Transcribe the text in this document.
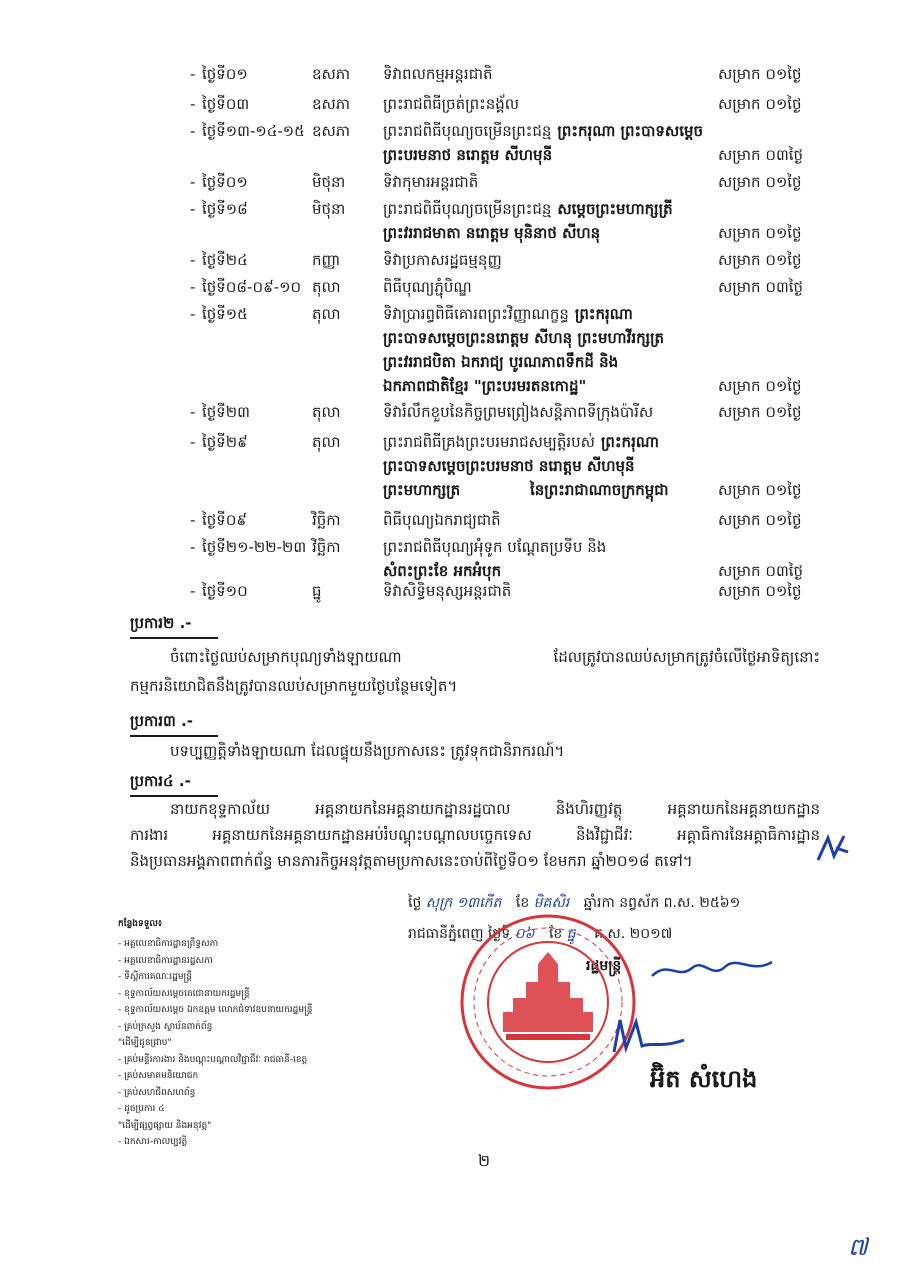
- ថ្ងៃទី០១	ឧសភា ទិវាពលកម្មអន្តរជាតិ	សម្រាក ០១ថ្ងៃ
- ថ្ងៃទី០៣	ឧសភា ព្រះរាជពិធីច្រត់ព្រះនង្គ័ល	សម្រាក ០១ថ្ងៃ
- ថ្ងៃទី១៣-១៤-១៥ ឧសភា ព្រះរាជពិធីបុណ្យចម្រើនព្រះជន្ម ព្រះករុណា ព្រះបាទសម្តេច
ព្រះបរមនាថ នរោត្តម សីហមុនី	សម្រាក ០៣ថ្ងៃ
- ថ្ងៃទី០១	មិថុនា	ទិវាកុមារអន្តរជាតិ	សម្រាក ០១ថ្ងៃ
- ថ្ងៃទី១៨	មិថុនា	ព្រះរាជពិធីបុណ្យចម្រើនព្រះជន្ម សម្តេចព្រះមហាក្សត្រី
ព្រះវររាជមាតា នរោត្តម មុនិនាថ សីហនុ	សម្រាក ០១ថ្ងៃ
- ថ្ងៃទី២៤	កញ្ញា	ទិវាប្រកាសរដ្ឋធម្មនុញ្ញ	សម្រាក ០១ថ្ងៃ
- ថ្ងៃទី០៨-០៩-១០ តុលា	ពិធីបុណ្យភ្ជុំបិណ្ឌ	សម្រាក ០៣ថ្ងៃ
- ថ្ងៃទី១៥	តុលា	ទិវាប្រារព្ធពិធីគោរពព្រះវិញ្ញាណក្ខន្ធ ព្រះករុណា
ព្រះបាទសម្តេចព្រះនរោត្តម សីហនុ ព្រះមហាវីរក្សត្រ
ព្រះវររាជបិតា ឯករាជ្យ បូរណភាពទឹកដី និង
ឯកភាពជាតិខ្មែរ "ព្រះបរមរតនកោដ្ឋ"	សម្រាក ០១ថ្ងៃ
- ថ្ងៃទី២៣	តុលា	ទិវារំលឹកខួបនៃកិច្ចព្រមព្រៀងសន្តិភាពទីក្រុងប៉ារីស	សម្រាក ០១ថ្ងៃ
- ថ្ងៃទី២៩	តុលា	ព្រះរាជពិធីគ្រងព្រះបរមរាជសម្បត្តិរបស់ ព្រះករុណា
ព្រះបាទសម្តេចព្រះបរមនាថ នរោត្តម សីហមុនី
ព្រះមហាក្សត្រ	នៃព្រះរាជាណាចក្រកម្ពុជា	សម្រាក ០១ថ្ងៃ
- ថ្ងៃទី០៩	វិច្ឆិកា	ពិធីបុណ្យឯករាជ្យជាតិ	សម្រាក ០១ថ្ងៃ
- ថ្ងៃទី២១-២២-២៣ វិច្ឆិកា	ព្រះរាជពិធីបុណ្យអុំទូក បណ្តែតប្រទីប និង
សំពះព្រះខែ អកអំបុក	សម្រាក ០៣ថ្ងៃ
- ថ្ងៃទី១០	ធ្នូ	ទិវាសិទ្ធិមនុស្សអន្តរជាតិ	សម្រាក ០១ថ្ងៃ
ប្រការ២ .-
ចំពោះថ្ងៃឈប់សម្រាកបុណ្យទាំងឡាយណា ដែលត្រូវបានឈប់សម្រាកត្រូវចំលើថ្ងៃអាទិត្យនោះ
កម្មករនិយោជិតនឹងត្រូវបានឈប់សម្រាកមួយថ្ងៃបន្ថែមទៀត។
ប្រការ៣ .-
បទប្បញ្ញត្តិទាំងឡាយណា ដែលផ្ទុយនឹងប្រកាសនេះ ត្រូវទុកជានិរាករណ៍។
ប្រការ៤ .-
នាយកខុទ្ទកាល័យ អគ្គនាយកនៃអគ្គនាយកដ្ឋានរដ្ឋបាល និងហិរញ្ញវត្ថុ អគ្គនាយកនៃអគ្គនាយកដ្ឋាន
ការងារ អគ្គនាយកនៃអគ្គនាយកដ្ឋានអប់រំបណ្តុះបណ្តាលបច្ចេកទេស និងវិជ្ជាជីវៈ អគ្គាធិការនៃអគ្គាធិការដ្ឋាន
និងប្រធានអង្គភាពពាក់ព័ន្ធ មានភារកិច្ចអនុវត្តតាមប្រកាសនេះចាប់ពីថ្ងៃទី០១ ខែមករា ឆ្នាំ២០១៨ តទៅ។
ថ្ងៃ សុក្រ ១៣កើត ខែ មិគសិរ ឆ្នាំរកា នព្វស័ក ព.ស. ២៥៦១
រាជធានីភ្នំពេញ ថ្ងៃទី ០៦ ខែ ធ្នូ គ.ស. ២០១៧
រដ្ឋមន្ត្រី
អ៊ិត សំហេង
កន្លែងទទួល៖
- អគ្គលេខាធិការដ្ឋានព្រឹទ្ធសភា
- អគ្គលេខាធិការដ្ឋានរដ្ឋសភា
- ទីស្តីការគណៈរដ្ឋមន្ត្រី
- ខុទ្ទកាល័យសម្តេចតេជោនាយករដ្ឋមន្ត្រី
- ខុទ្ទកាល័យសម្តេច ឯកឧត្តម លោកជំទាវឧបនាយករដ្ឋមន្ត្រី
- គ្រប់ក្រសួង ស្ថាប័នពាក់ព័ន្ធ
"ដើម្បីជូនជ្រាប"
- គ្រប់មន្ទីរការងារ និងបណ្តុះបណ្តាលវិជ្ជាជីវៈ រាជធានី-ខេត្ត
- គ្រប់សមាគមនិយោជក
- គ្រប់សហជីពសហព័ន្ធ
- ដូចប្រការ ៤
"ដើម្បីផ្សព្វផ្សាយ និងអនុវត្ត"
- ឯកសារ-កាលប្បវត្តិ
២
៧
